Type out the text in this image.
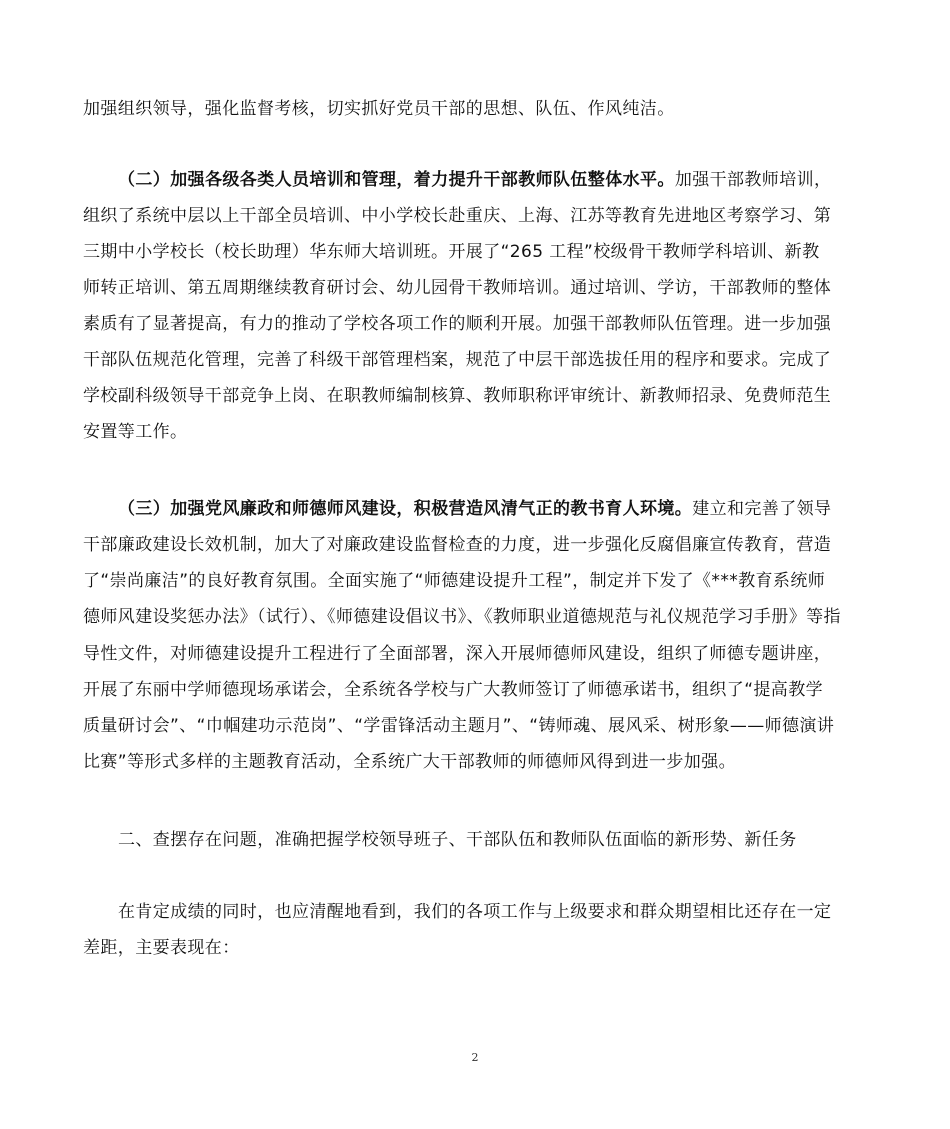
加强组织领导，强化监督考核，切实抓好党员干部的思想、队伍、作风纯洁。
（二）加强各级各类人员培训和管理，着力提升干部教师队伍整体水平。加强干部教师培训，
组织了系统中层以上干部全员培训、中小学校长赴重庆、上海、江苏等教育先进地区考察学习、第
三期中小学校长（校长助理）华东师大培训班。开展了“265 工程”校级骨干教师学科培训、新教
师转正培训、第五周期继续教育研讨会、幼儿园骨干教师培训。通过培训、学访，干部教师的整体
素质有了显著提高，有力的推动了学校各项工作的顺利开展。加强干部教师队伍管理。进一步加强
干部队伍规范化管理，完善了科级干部管理档案，规范了中层干部选拔任用的程序和要求。完成了
学校副科级领导干部竞争上岗、在职教师编制核算、教师职称评审统计、新教师招录、免费师范生
安置等工作。
（三）加强党风廉政和师德师风建设，积极营造风清气正的教书育人环境。建立和完善了领导
干部廉政建设长效机制，加大了对廉政建设监督检查的力度，进一步强化反腐倡廉宣传教育，营造
了“崇尚廉洁”的良好教育氛围。全面实施了“师德建设提升工程”，制定并下发了《***教育系统师
德师风建设奖惩办法》（试行）、《师德建设倡议书》、《教师职业道德规范与礼仪规范学习手册》等指
导性文件，对师德建设提升工程进行了全面部署，深入开展师德师风建设，组织了师德专题讲座，
开展了东丽中学师德现场承诺会，全系统各学校与广大教师签订了师德承诺书，组织了“提高教学
质量研讨会”、“巾帼建功示范岗”、“学雷锋活动主题月”、“铸师魂、展风采、树形象——师德演讲
比赛”等形式多样的主题教育活动，全系统广大干部教师的师德师风得到进一步加强。
二、查摆存在问题，准确把握学校领导班子、干部队伍和教师队伍面临的新形势、新任务
在肯定成绩的同时，也应清醒地看到，我们的各项工作与上级要求和群众期望相比还存在一定
差距，主要表现在：
2
